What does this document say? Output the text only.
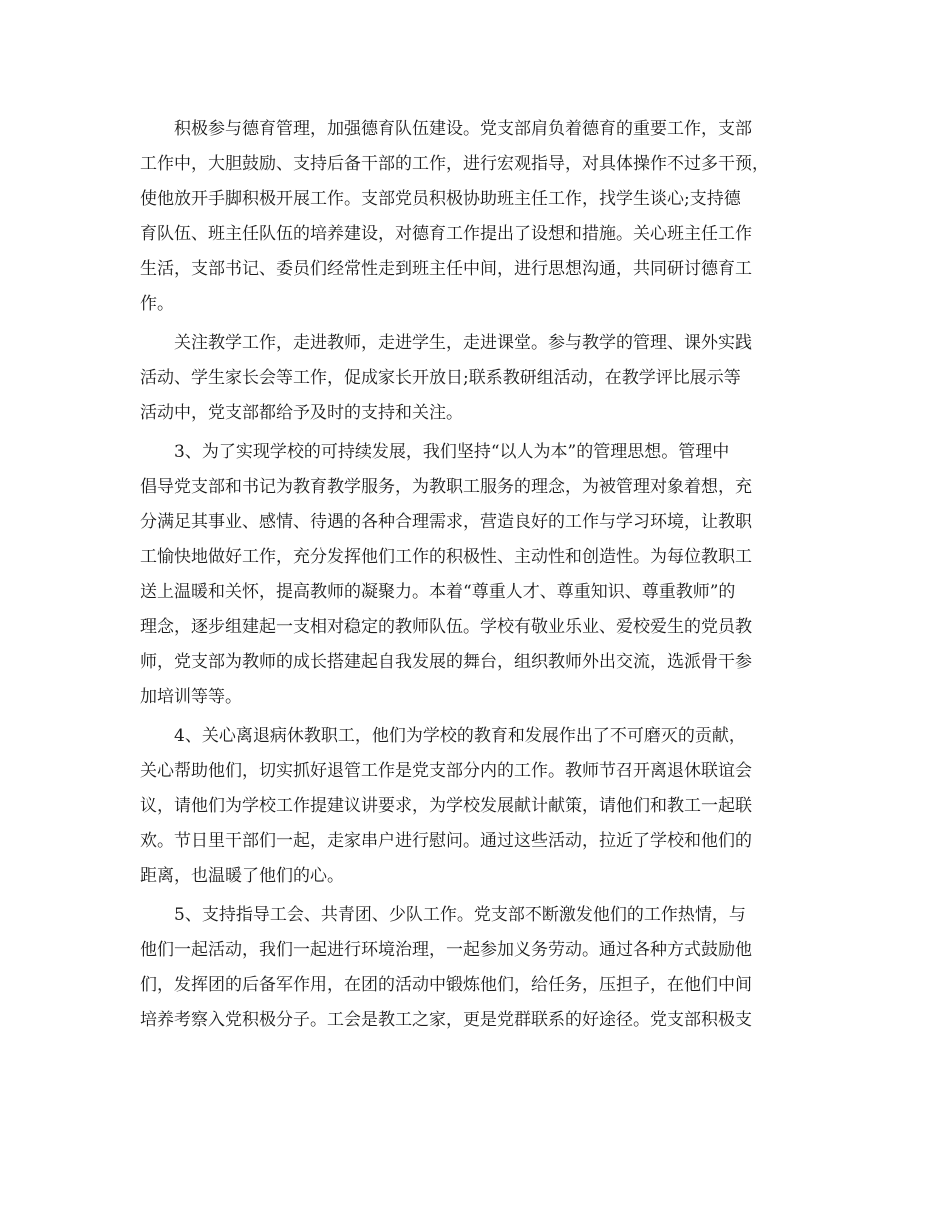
积极参与德育管理，加强德育队伍建设。党支部肩负着德育的重要工作，支部
工作中，大胆鼓励、支持后备干部的工作，进行宏观指导，对具体操作不过多干预，
使他放开手脚积极开展工作。支部党员积极协助班主任工作，找学生谈心;支持德
育队伍、班主任队伍的培养建设，对德育工作提出了设想和措施。关心班主任工作
生活，支部书记、委员们经常性走到班主任中间，进行思想沟通，共同研讨德育工
作。
关注教学工作，走进教师，走进学生，走进课堂。参与教学的管理、课外实践
活动、学生家长会等工作，促成家长开放日;联系教研组活动，在教学评比展示等
活动中，党支部都给予及时的支持和关注。
3、为了实现学校的可持续发展，我们坚持“以人为本”的管理思想。管理中
倡导党支部和书记为教育教学服务，为教职工服务的理念，为被管理对象着想，充
分满足其事业、感情、待遇的各种合理需求，营造良好的工作与学习环境，让教职
工愉快地做好工作，充分发挥他们工作的积极性、主动性和创造性。为每位教职工
送上温暖和关怀，提高教师的凝聚力。本着“尊重人才、尊重知识、尊重教师”的
理念，逐步组建起一支相对稳定的教师队伍。学校有敬业乐业、爱校爱生的党员教
师，党支部为教师的成长搭建起自我发展的舞台，组织教师外出交流，选派骨干参
加培训等等。
4、关心离退病休教职工，他们为学校的教育和发展作出了不可磨灭的贡献，
关心帮助他们，切实抓好退管工作是党支部分内的工作。教师节召开离退休联谊会
议，请他们为学校工作提建议讲要求，为学校发展献计献策，请他们和教工一起联
欢。节日里干部们一起，走家串户进行慰问。通过这些活动，拉近了学校和他们的
距离，也温暖了他们的心。
5、支持指导工会、共青团、少队工作。党支部不断激发他们的工作热情，与
他们一起活动，我们一起进行环境治理，一起参加义务劳动。通过各种方式鼓励他
们，发挥团的后备军作用，在团的活动中锻炼他们，给任务，压担子，在他们中间
培养考察入党积极分子。工会是教工之家，更是党群联系的好途径。党支部积极支
